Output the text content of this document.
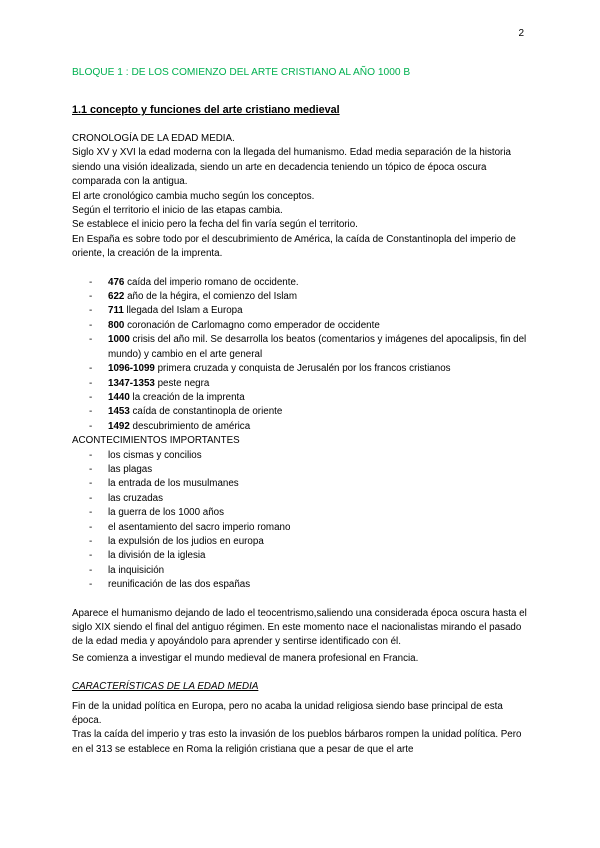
2
BLOQUE 1 : DE LOS COMIENZO DEL ARTE CRISTIANO AL AÑO 1000 B
1.1 concepto y funciones del arte cristiano medieval

CRONOLOGÍA DE LA EDAD MEDIA.

Siglo XV y XVI la edad moderna con la llegada del humanismo. Edad media separación de la historia siendo una visión idealizada, siendo un arte en decadencia teniendo un tópico de época oscura comparada con la antigua.

El arte cronológico cambia mucho según los conceptos.

Según el territorio el inicio de las etapas cambia.

Se establece el inicio pero la fecha del fin varía según el territorio.

En España es sobre todo por el descubrimiento de América, la caída de Constantinopla del imperio de oriente, la creación de la imprenta.

-	476 caída del imperio romano de occidente.
-	622 año de la hégira, el comienzo del Islam
-	711 llegada del Islam a Europa
-	800 coronación de Carlomagno como emperador de occidente
-	1000 crisis del año mil. Se desarrolla los beatos (comentarios y imágenes del apocalipsis, fin del mundo) y cambio en el arte general
-	1096-1099 primera cruzada y conquista de Jerusalén por los francos cristianos
-	1347-1353 peste negra
-	1440 la creación de la imprenta
-	1453 caída de constantinopla de oriente
-	1492 descubrimiento de américa

ACONTECIMIENTOS IMPORTANTES

-	los cismas y concilios
-	las plagas
-	la entrada de los musulmanes
-	las cruzadas
-	la guerra de los 1000 años
-	el asentamiento del sacro imperio romano
-	la expulsión de los judios en europa
-	la división de la iglesia
-	la inquisición
-	reunificación de las dos españas

Aparece el humanismo dejando de lado el teocentrismo,saliendo una considerada época oscura hasta el siglo XIX siendo el final del antiguo régimen. En este momento nace el nacionalistas mirando el pasado de la edad media y apoyándolo para aprender y sentirse identificado con él.

Se comienza a investigar el mundo medieval de manera profesional en Francia.

CARACTERÍSTICAS DE LA EDAD MEDIA

Fin de la unidad política en Europa, pero no acaba la unidad religiosa siendo base principal de esta época.

Tras la caída del imperio y tras esto la invasión de los pueblos bárbaros rompen la unidad política. Pero en el 313 se establece en Roma la religión cristiana que a pesar de que el arte
